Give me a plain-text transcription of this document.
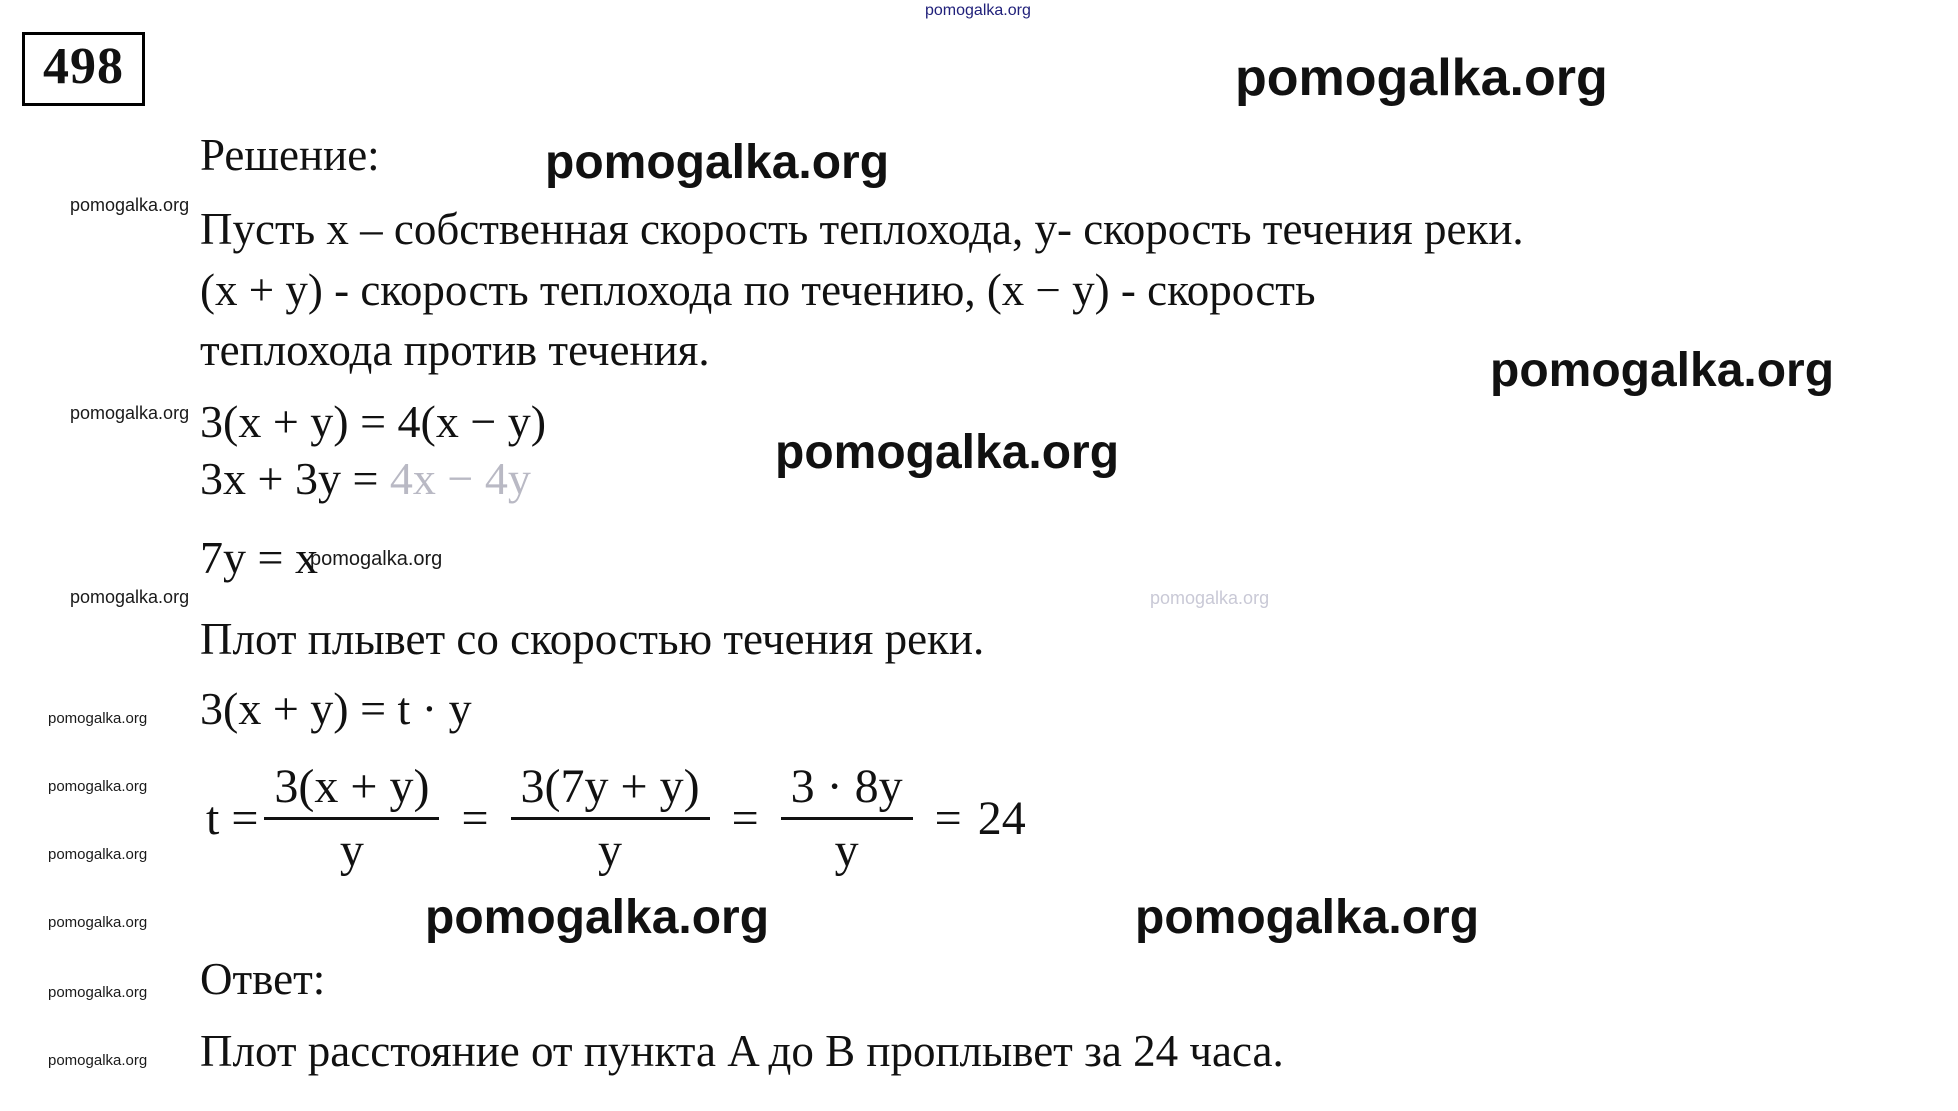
498
Решение:
Пусть x – собственная скорость теплохода, y- скорость течения реки.
(x + y) - скорость теплохода по течению, (x − y) - скорость
теплохода против течения.
3(x + y) = 4(x − y)
3x + 3y = 4x − 4y
7y = x
Плот плывет со скоростью течения реки.
3(x + y) = t · y
$t = \frac{3(x + y)}{y} = \frac{3(7y + y)}{y} = \frac{3 \cdot 8y}{y} = 24$
Ответ:
Плот расстояние от пункта A до B проплывет за 24 часа.
pomogalka.org
pomogalka.org
pomogalka.org
pomogalka.org
pomogalka.org
pomogalka.org	pomogalka.org
pomogalka.org
pomogalka.org
pomogalka.org
pomogalka.org
pomogalka.org
pomogalka.org
pomogalka.org
pomogalka.org
pomogalka.org
pomogalka.org
pomogalka.org
